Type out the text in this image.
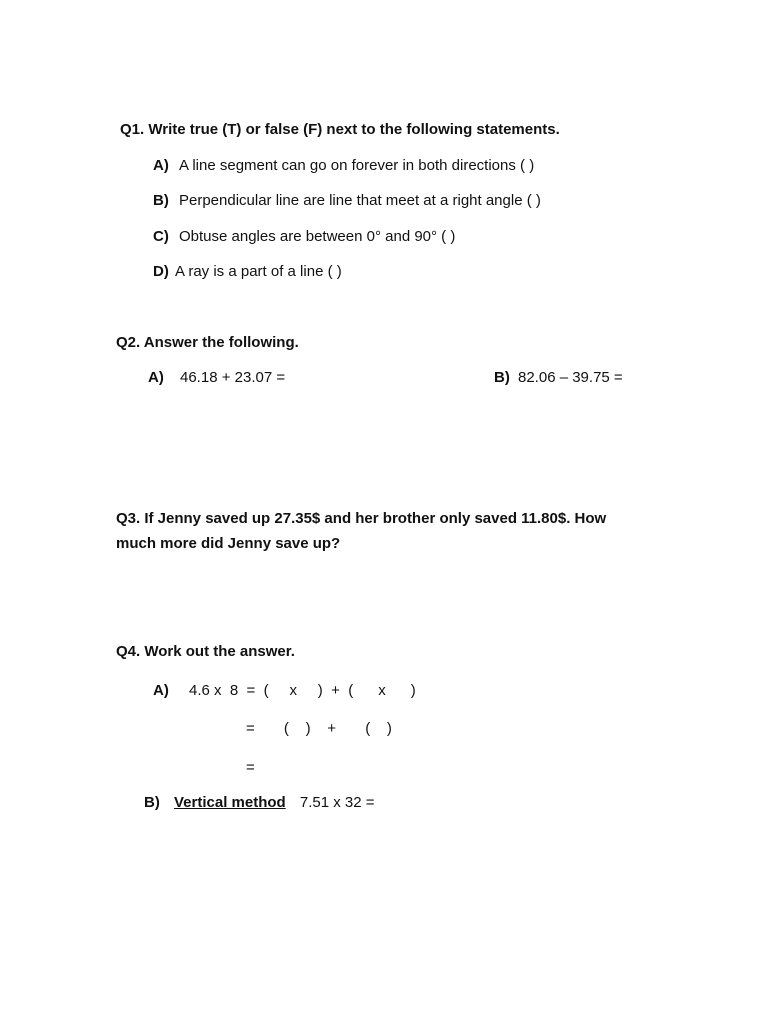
Q1. Write true (T) or false (F) next to the following statements.
A) A line segment can go on forever in both directions ( )
B) Perpendicular line are line that meet at a right angle ( )
C) Obtuse angles are between 0° and 90° ( )
D) A ray is a part of a line ( )
Q2. Answer the following.
A) 46.18 + 23.07 =	B) 82.06 – 39.75 =
Q3. If Jenny saved up 27.35$ and her brother only saved 11.80$. How
much more did Jenny save up?
Q4. Work out the answer.
A) 4.6 x  8  =  (     x     )  +  (      x      )
=       (    )    +       (    )
=
B) Vertical method 7.51 x 32 =
